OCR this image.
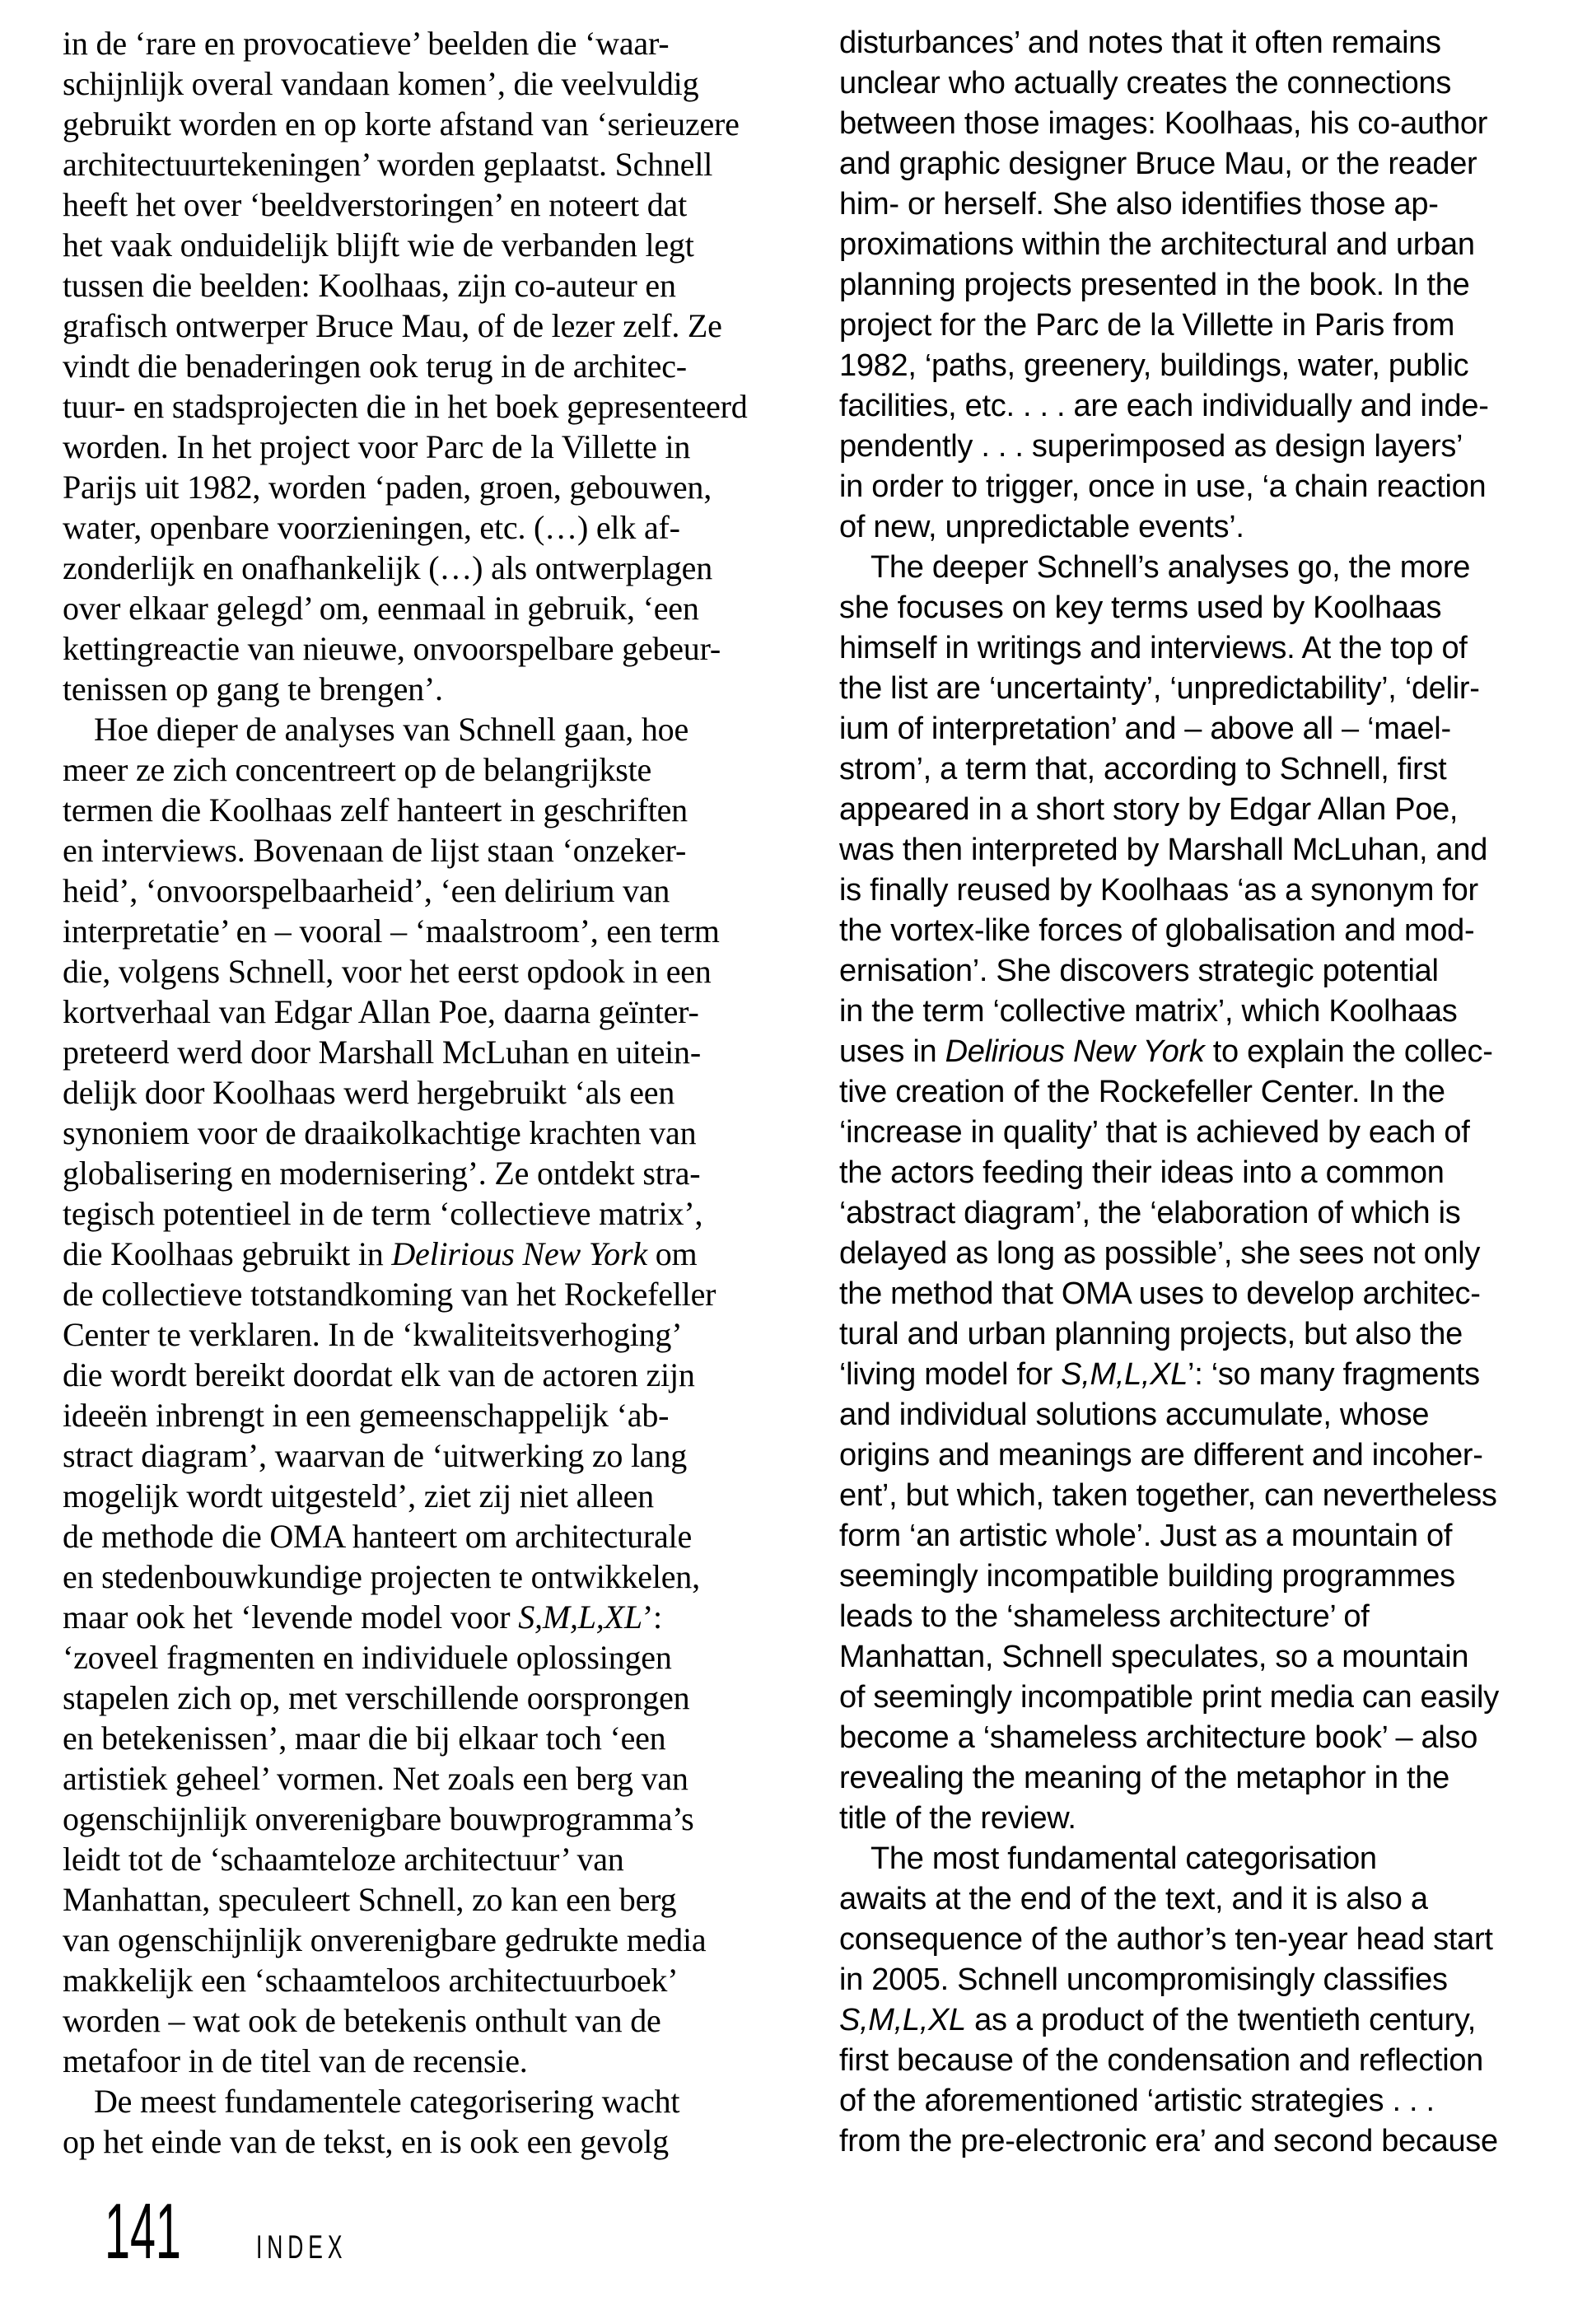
in de ‘rare en provocatieve’ beelden die ‘waar-
schijnlijk overal vandaan komen’, die veelvuldig
gebruikt worden en op korte afstand van ‘serieuzere
architectuurtekeningen’ worden geplaatst. Schnell
heeft het over ‘beeldverstoringen’ en noteert dat
het vaak onduidelijk blijft wie de verbanden legt
tussen die beelden: Koolhaas, zijn co-auteur en
grafisch ontwerper Bruce Mau, of de lezer zelf. Ze
vindt die benaderingen ook terug in de architec-
tuur- en stadsprojecten die in het boek gepresenteerd
worden. In het project voor Parc de la Villette in
Parijs uit 1982, worden ‘paden, groen, gebouwen,
water, openbare voorzieningen, etc. (…) elk af-
zonderlijk en onafhankelijk (…) als ontwerplagen
over elkaar gelegd’ om, eenmaal in gebruik, ‘een
kettingreactie van nieuwe, onvoorspelbare gebeur-
tenissen op gang te brengen’.
Hoe dieper de analyses van Schnell gaan, hoe
meer ze zich concentreert op de belangrijkste
termen die Koolhaas zelf hanteert in geschriften
en interviews. Bovenaan de lijst staan ‘onzeker-
heid’, ‘onvoorspelbaarheid’, ‘een delirium van
interpretatie’ en – vooral – ‘maalstroom’, een term
die, volgens Schnell, voor het eerst opdook in een
kortverhaal van Edgar Allan Poe, daarna geïnter-
preteerd werd door Marshall McLuhan en uitein-
delijk door Koolhaas werd hergebruikt ‘als een
synoniem voor de draaikolkachtige krachten van
globalisering en modernisering’. Ze ontdekt stra-
tegisch potentieel in de term ‘collectieve matrix’,
die Koolhaas gebruikt in Delirious New York om
de collectieve totstandkoming van het Rockefeller
Center te verklaren. In de ‘kwaliteitsverhoging’
die wordt bereikt doordat elk van de actoren zijn
ideeën inbrengt in een gemeenschappelijk ‘ab-
stract diagram’, waarvan de ‘uitwerking zo lang
mogelijk wordt uitgesteld’, ziet zij niet alleen
de methode die OMA hanteert om architecturale
en stedenbouwkundige projecten te ontwikkelen,
maar ook het ‘levende model voor S,M,L,XL’:
‘zoveel fragmenten en individuele oplossingen
stapelen zich op, met verschillende oorsprongen
en betekenissen’, maar die bij elkaar toch ‘een
artistiek geheel’ vormen. Net zoals een berg van
ogenschijnlijk onverenigbare bouwprogramma’s
leidt tot de ‘schaamteloze architectuur’ van
Manhattan, speculeert Schnell, zo kan een berg
van ogenschijnlijk onverenigbare gedrukte media
makkelijk een ‘schaamteloos architectuurboek’
worden – wat ook de betekenis onthult van de
metafoor in de titel van de recensie.
De meest fundamentele categorisering wacht
op het einde van de tekst, en is ook een gevolg
disturbances’ and notes that it often remains
unclear who actually creates the connections
between those images: Koolhaas, his co-author
and graphic designer Bruce Mau, or the reader
him- or herself. She also identifies those ap-
proximations within the architectural and urban
planning projects presented in the book. In the
project for the Parc de la Villette in Paris from
1982, ‘paths, greenery, buildings, water, public
facilities, etc. . . . are each individually and inde-
pendently . . . superimposed as design layers’
in order to trigger, once in use, ‘a chain reaction
of new, unpredictable events’.
The deeper Schnell’s analyses go, the more
she focuses on key terms used by Koolhaas
himself in writings and interviews. At the top of
the list are ‘uncertainty’, ‘unpredictability’, ‘delir-
ium of interpretation’ and – above all – ‘mael-
strom’, a term that, according to Schnell, first
appeared in a short story by Edgar Allan Poe,
was then interpreted by Marshall McLuhan, and
is finally reused by Koolhaas ‘as a synonym for
the vortex-like forces of globalisation and mod-
ernisation’. She discovers strategic potential
in the term ‘collective matrix’, which Koolhaas
uses in Delirious New York to explain the collec-
tive creation of the Rockefeller Center. In the
‘increase in quality’ that is achieved by each of
the actors feeding their ideas into a common
‘abstract diagram’, the ‘elaboration of which is
delayed as long as possible’, she sees not only
the method that OMA uses to develop architec-
tural and urban planning projects, but also the
‘living model for S,M,L,XL’: ‘so many fragments
and individual solutions accumulate, whose
origins and meanings are different and incoher-
ent’, but which, taken together, can nevertheless
form ‘an artistic whole’. Just as a mountain of
seemingly incompatible building programmes
leads to the ‘shameless architecture’ of
Manhattan, Schnell speculates, so a mountain
of seemingly incompatible print media can easily
become a ‘shameless architecture book’ – also
revealing the meaning of the metaphor in the
title of the review.
The most fundamental categorisation
awaits at the end of the text, and it is also a
consequence of the author’s ten-year head start
in 2005. Schnell uncompromisingly classifies
S,M,L,XL as a product of the twentieth century,
first because of the condensation and reflection
of the aforementioned ‘artistic strategies . . .
from the pre-electronic era’ and second because
141 INDEX
